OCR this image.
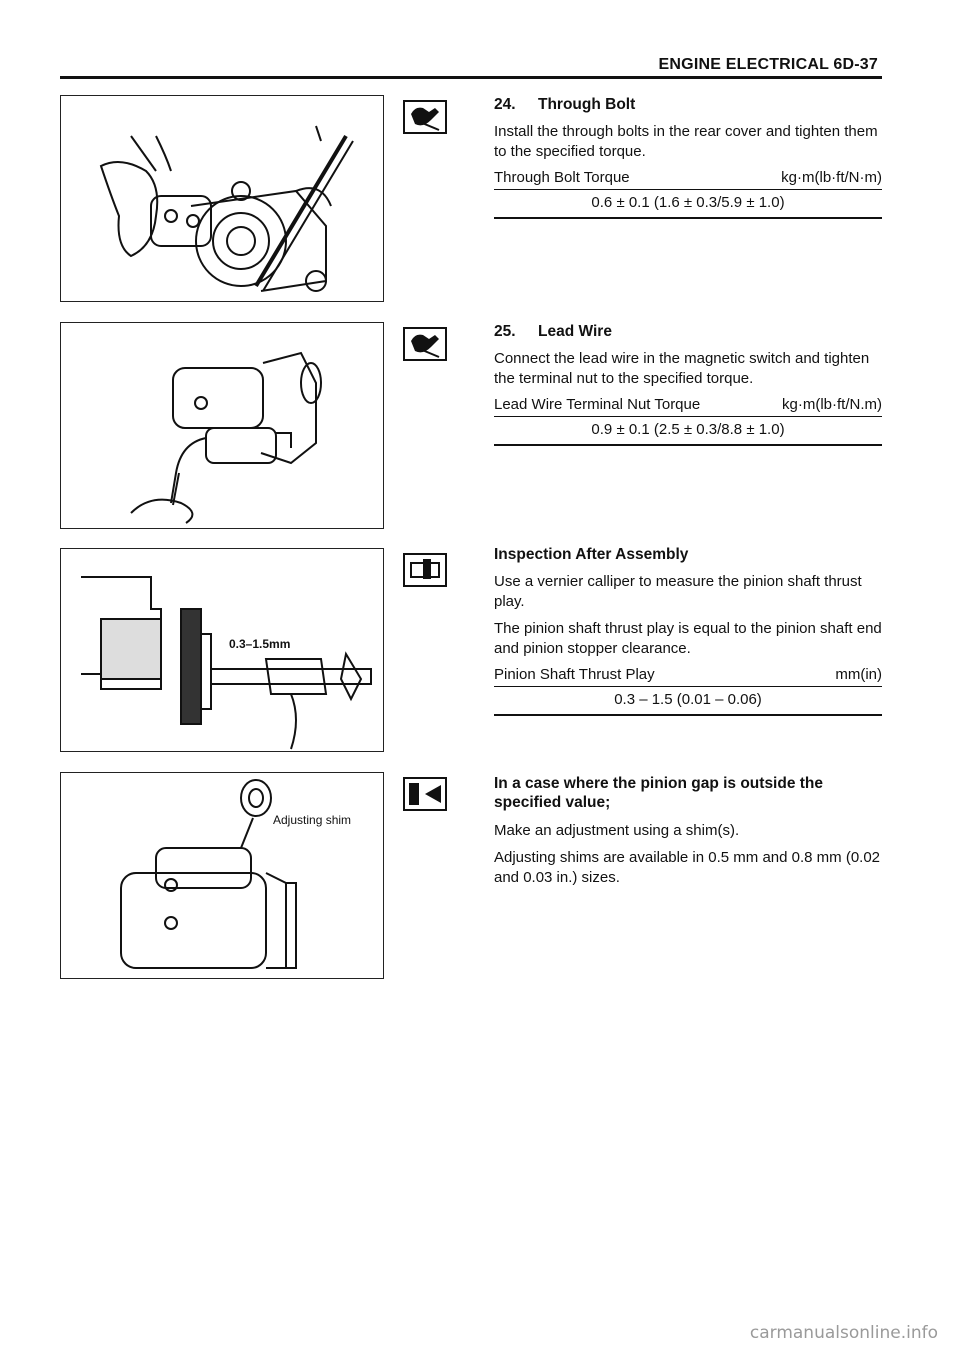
ENGINE ELECTRICAL 6D-37
0.3–1.5mm
Adjusting shim
24. Through Bolt

Install the through bolts in the rear cover and tighten them to the specified torque.

Through Bolt Torque	kg·m(lb·ft/N·m)
0.6 ± 0.1 (1.6 ± 0.3/5.9 ± 1.0)
25. Lead Wire

Connect the lead wire in the magnetic switch and tighten the terminal nut to the specified torque.

Lead Wire Terminal Nut Torque	kg·m(lb·ft/N.m)
0.9 ± 0.1 (2.5 ± 0.3/8.8 ± 1.0)
Inspection After Assembly

Use a vernier calliper to measure the pinion shaft thrust play.

The pinion shaft thrust play is equal to the pinion shaft end and pinion stopper clearance.

Pinion Shaft Thrust Play	mm(in)
0.3 – 1.5 (0.01 – 0.06)
In a case where the pinion gap is outside the specified value;

Make an adjustment using a shim(s).

Adjusting shims are available in 0.5 mm and 0.8 mm (0.02 and 0.03 in.) sizes.

carmanualsonline.info
